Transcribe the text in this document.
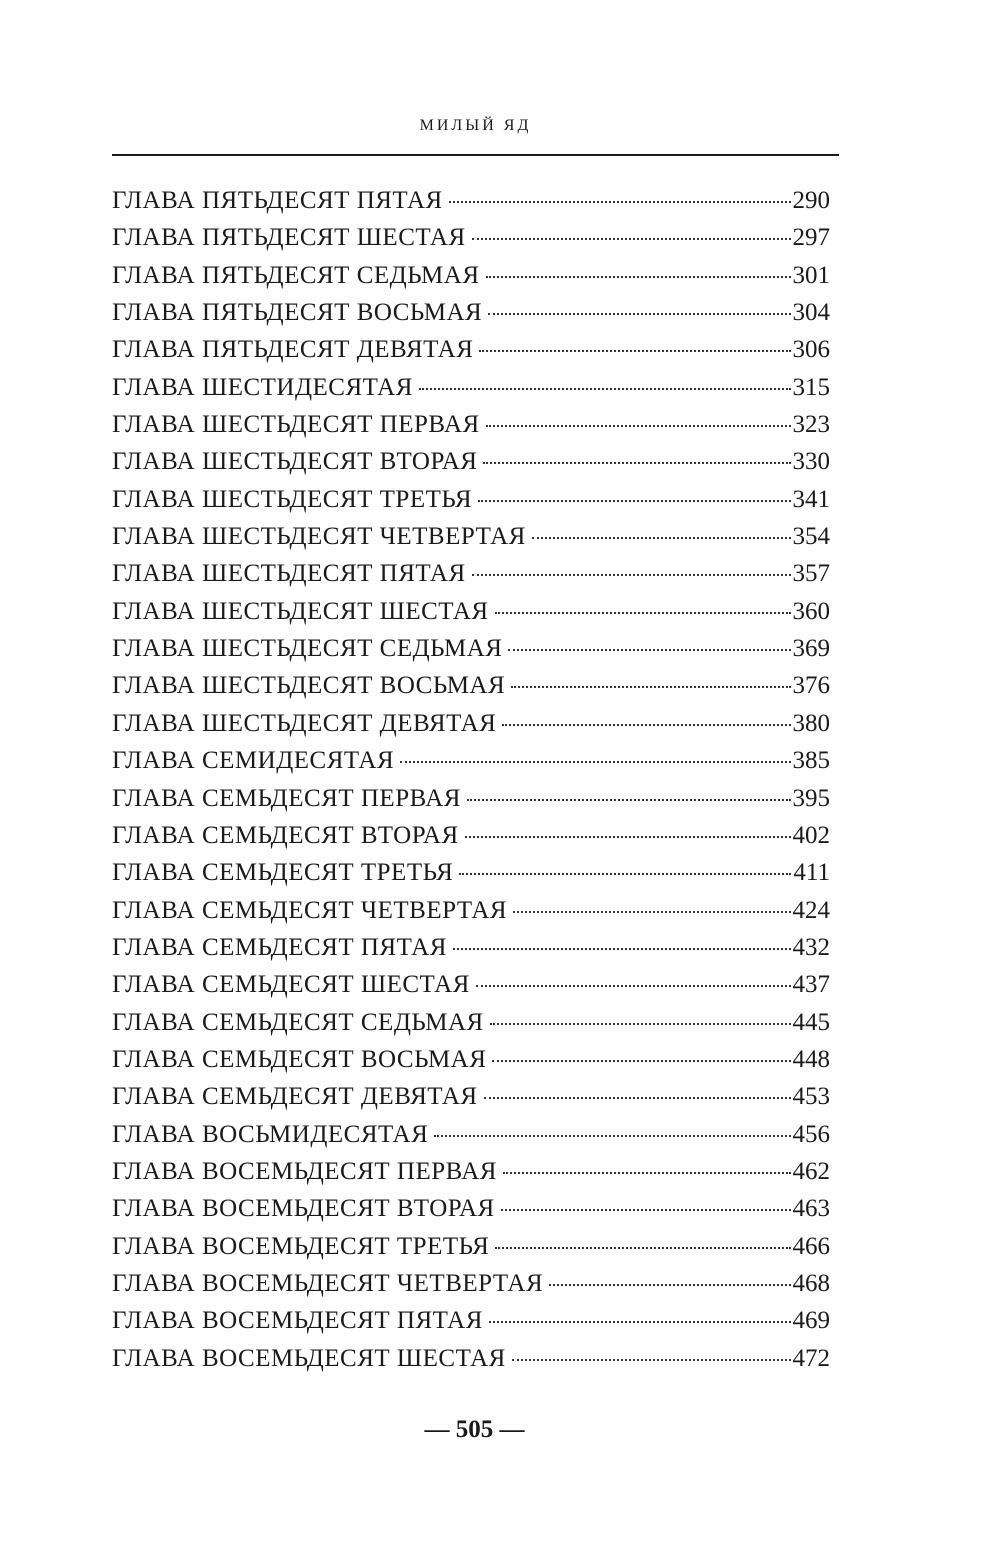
МИЛЫЙ ЯД
ГЛАВА ПЯТЬДЕСЯТ ПЯТАЯ	290
ГЛАВА ПЯТЬДЕСЯТ ШЕСТАЯ	297
ГЛАВА ПЯТЬДЕСЯТ СЕДЬМАЯ	301
ГЛАВА ПЯТЬДЕСЯТ ВОСЬМАЯ	304
ГЛАВА ПЯТЬДЕСЯТ ДЕВЯТАЯ	306
ГЛАВА ШЕСТИДЕСЯТАЯ	315
ГЛАВА ШЕСТЬДЕСЯТ ПЕРВАЯ	323
ГЛАВА ШЕСТЬДЕСЯТ ВТОРАЯ	330
ГЛАВА ШЕСТЬДЕСЯТ ТРЕТЬЯ	341
ГЛАВА ШЕСТЬДЕСЯТ ЧЕТВЕРТАЯ	354
ГЛАВА ШЕСТЬДЕСЯТ ПЯТАЯ	357
ГЛАВА ШЕСТЬДЕСЯТ ШЕСТАЯ	360
ГЛАВА ШЕСТЬДЕСЯТ СЕДЬМАЯ	369
ГЛАВА ШЕСТЬДЕСЯТ ВОСЬМАЯ	376
ГЛАВА ШЕСТЬДЕСЯТ ДЕВЯТАЯ	380
ГЛАВА СЕМИДЕСЯТАЯ	385
ГЛАВА СЕМЬДЕСЯТ ПЕРВАЯ	395
ГЛАВА СЕМЬДЕСЯТ ВТОРАЯ	402
ГЛАВА СЕМЬДЕСЯТ ТРЕТЬЯ	411
ГЛАВА СЕМЬДЕСЯТ ЧЕТВЕРТАЯ	424
ГЛАВА СЕМЬДЕСЯТ ПЯТАЯ	432
ГЛАВА СЕМЬДЕСЯТ ШЕСТАЯ	437
ГЛАВА СЕМЬДЕСЯТ СЕДЬМАЯ	445
ГЛАВА СЕМЬДЕСЯТ ВОСЬМАЯ	448
ГЛАВА СЕМЬДЕСЯТ ДЕВЯТАЯ	453
ГЛАВА ВОСЬМИДЕСЯТАЯ	456
ГЛАВА ВОСЕМЬДЕСЯТ ПЕРВАЯ	462
ГЛАВА ВОСЕМЬДЕСЯТ ВТОРАЯ	463
ГЛАВА ВОСЕМЬДЕСЯТ ТРЕТЬЯ	466
ГЛАВА ВОСЕМЬДЕСЯТ ЧЕТВЕРТАЯ	468
ГЛАВА ВОСЕМЬДЕСЯТ ПЯТАЯ	469
ГЛАВА ВОСЕМЬДЕСЯТ ШЕСТАЯ	472
— 505 —
